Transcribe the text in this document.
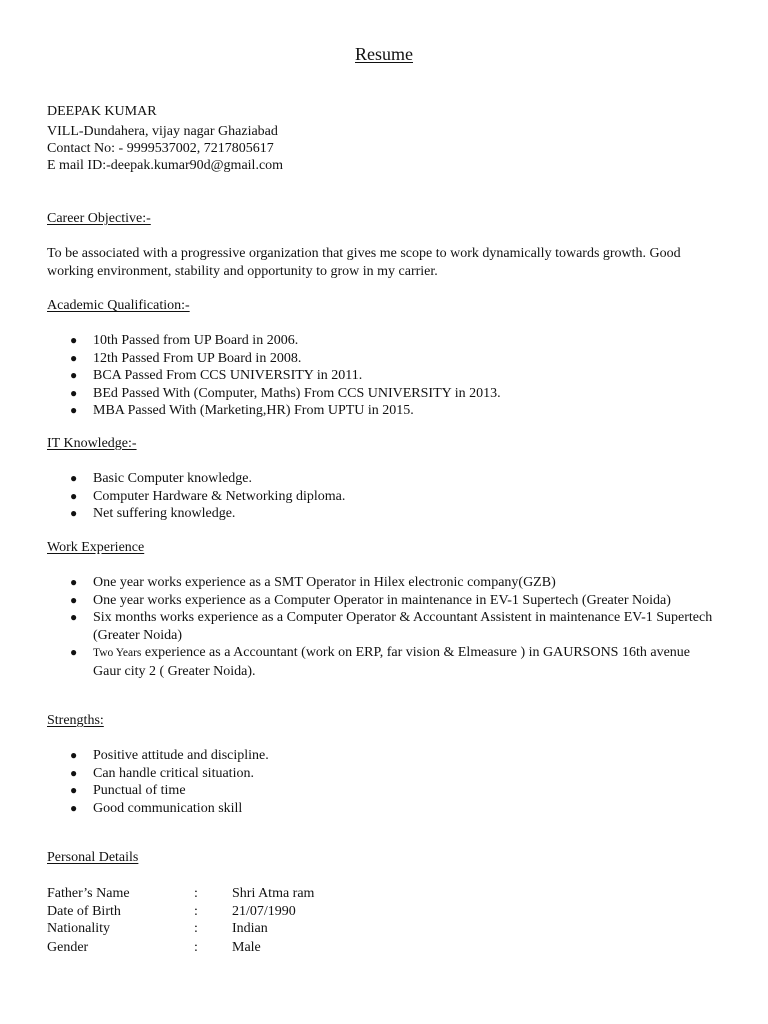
Resume
DEEPAK KUMAR
VILL-Dundahera, vijay nagar Ghaziabad
Contact No: - 9999537002, 7217805617
E mail ID:-deepak.kumar90d@gmail.com
Career Objective:-
To be associated with a progressive organization that gives me scope to work dynamically towards growth. Good working environment, stability and opportunity to grow in my carrier.
Academic Qualification:-
● 10th Passed from UP Board in 2006.
● 12th Passed From UP Board in 2008.
● BCA Passed From CCS UNIVERSITY in 2011.
● BEd Passed With (Computer, Maths) From CCS UNIVERSITY in 2013.
● MBA Passed With (Marketing,HR) From UPTU in 2015.
IT Knowledge:-
● Basic Computer knowledge.
● Computer Hardware & Networking diploma.
● Net suffering knowledge.
Work Experience
● One year works experience as a SMT Operator in Hilex electronic company(GZB)
● One year works experience as a Computer Operator in maintenance in EV-1 Supertech (Greater Noida)
● Six months works experience as a Computer Operator & Accountant Assistent in maintenance EV-1 Supertech (Greater Noida)
● Two Years experience as a Accountant (work on ERP, far vision & Elmeasure ) in GAURSONS 16th avenue Gaur city 2 ( Greater Noida).
Strengths:
● Positive attitude and discipline.
● Can handle critical situation.
● Punctual of time
● Good communication skill
Personal Details
Father’s Name	: Shri Atma ram
Date of Birth	: 21/07/1990
Nationality	: Indian
Gender	: Male
